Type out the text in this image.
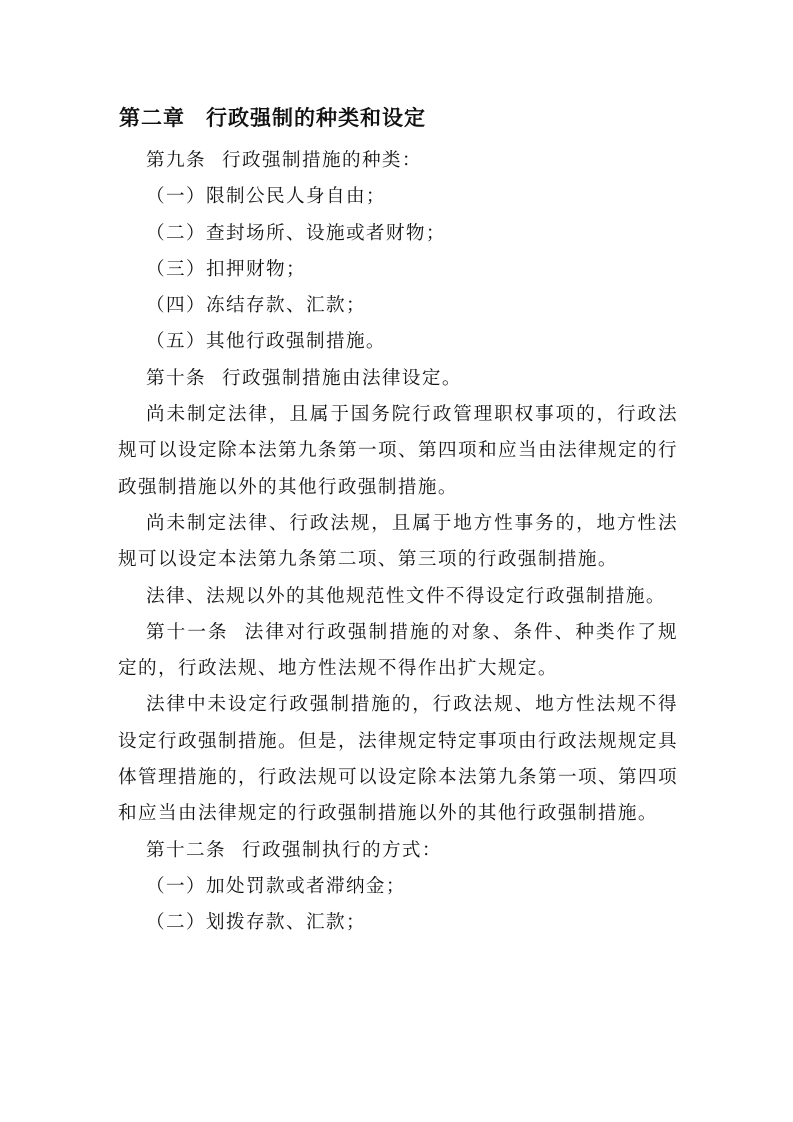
第二章 行政强制的种类和设定

第九条 行政强制措施的种类：

（一）限制公民人身自由；

（二）查封场所、设施或者财物；

（三）扣押财物；

（四）冻结存款、汇款；

（五）其他行政强制措施。

第十条 行政强制措施由法律设定。

尚未制定法律，且属于国务院行政管理职权事项的，行政法规可以设定除本法第九条第一项、第四项和应当由法律规定的行政强制措施以外的其他行政强制措施。

尚未制定法律、行政法规，且属于地方性事务的，地方性法规可以设定本法第九条第二项、第三项的行政强制措施。

法律、法规以外的其他规范性文件不得设定行政强制措施。

第十一条 法律对行政强制措施的对象、条件、种类作了规定的，行政法规、地方性法规不得作出扩大规定。

法律中未设定行政强制措施的，行政法规、地方性法规不得设定行政强制措施。但是，法律规定特定事项由行政法规规定具体管理措施的，行政法规可以设定除本法第九条第一项、第四项和应当由法律规定的行政强制措施以外的其他行政强制措施。

第十二条 行政强制执行的方式：

（一）加处罚款或者滞纳金；

（二）划拨存款、汇款；
